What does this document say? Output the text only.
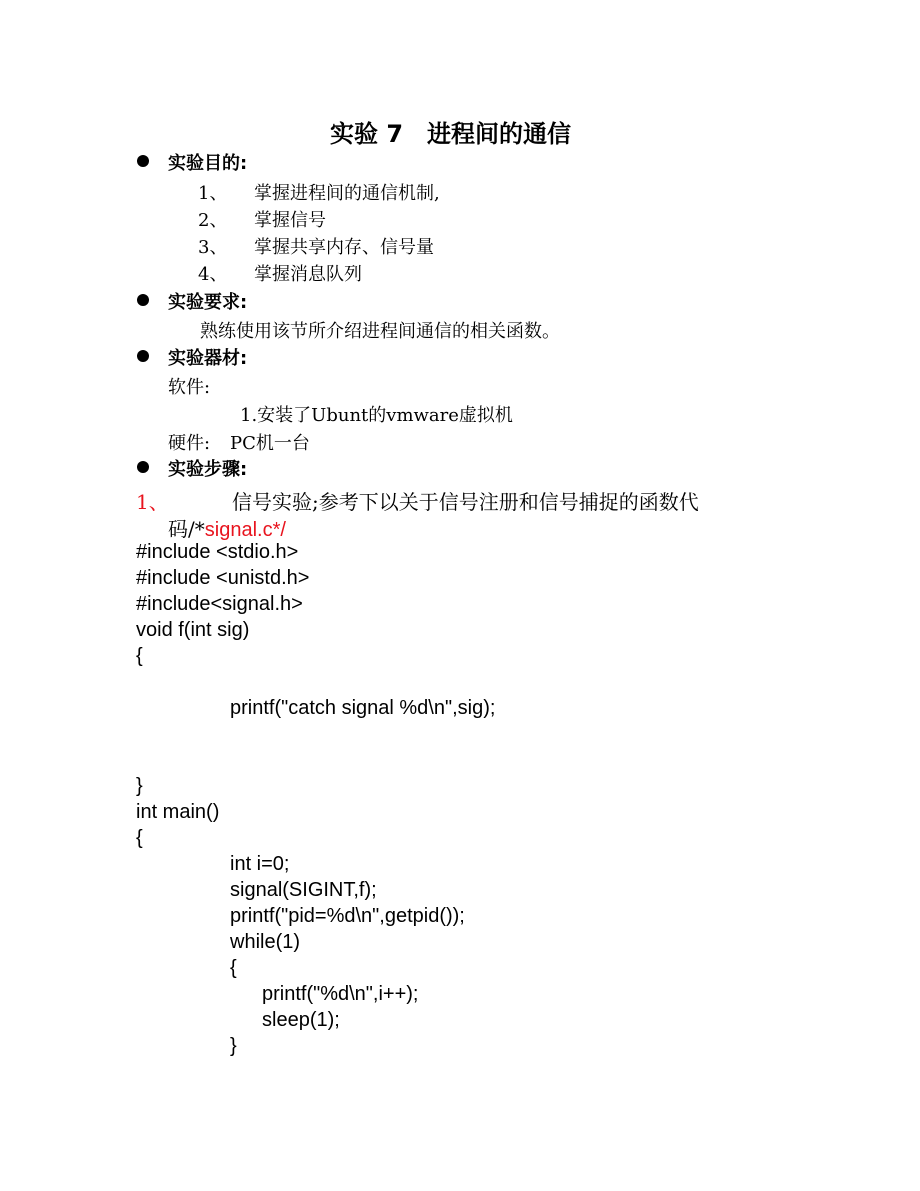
实验 7　进程间的通信
实验目的:
1、 掌握进程间的通信机制,
2、 掌握信号
3、 掌握共享内存、信号量
4、 掌握消息队列
实验要求:
熟练使用该节所介绍进程间通信的相关函数。
实验器材:
软件:
1.安装了Ubunt的vmware虚拟机
硬件: PC机一台
实验步骤:
1、	信号实验;参考下以关于信号注册和信号捕捉的函数代
码/*signal.c*/
#include <stdio.h>
#include <unistd.h>
#include<signal.h>
void f(int sig)
{
printf("catch signal %d\n",sig);
}
int main()
{
int i=0;
signal(SIGINT,f);
printf("pid=%d\n",getpid());
while(1)
{
printf("%d\n",i++);
sleep(1);
}
